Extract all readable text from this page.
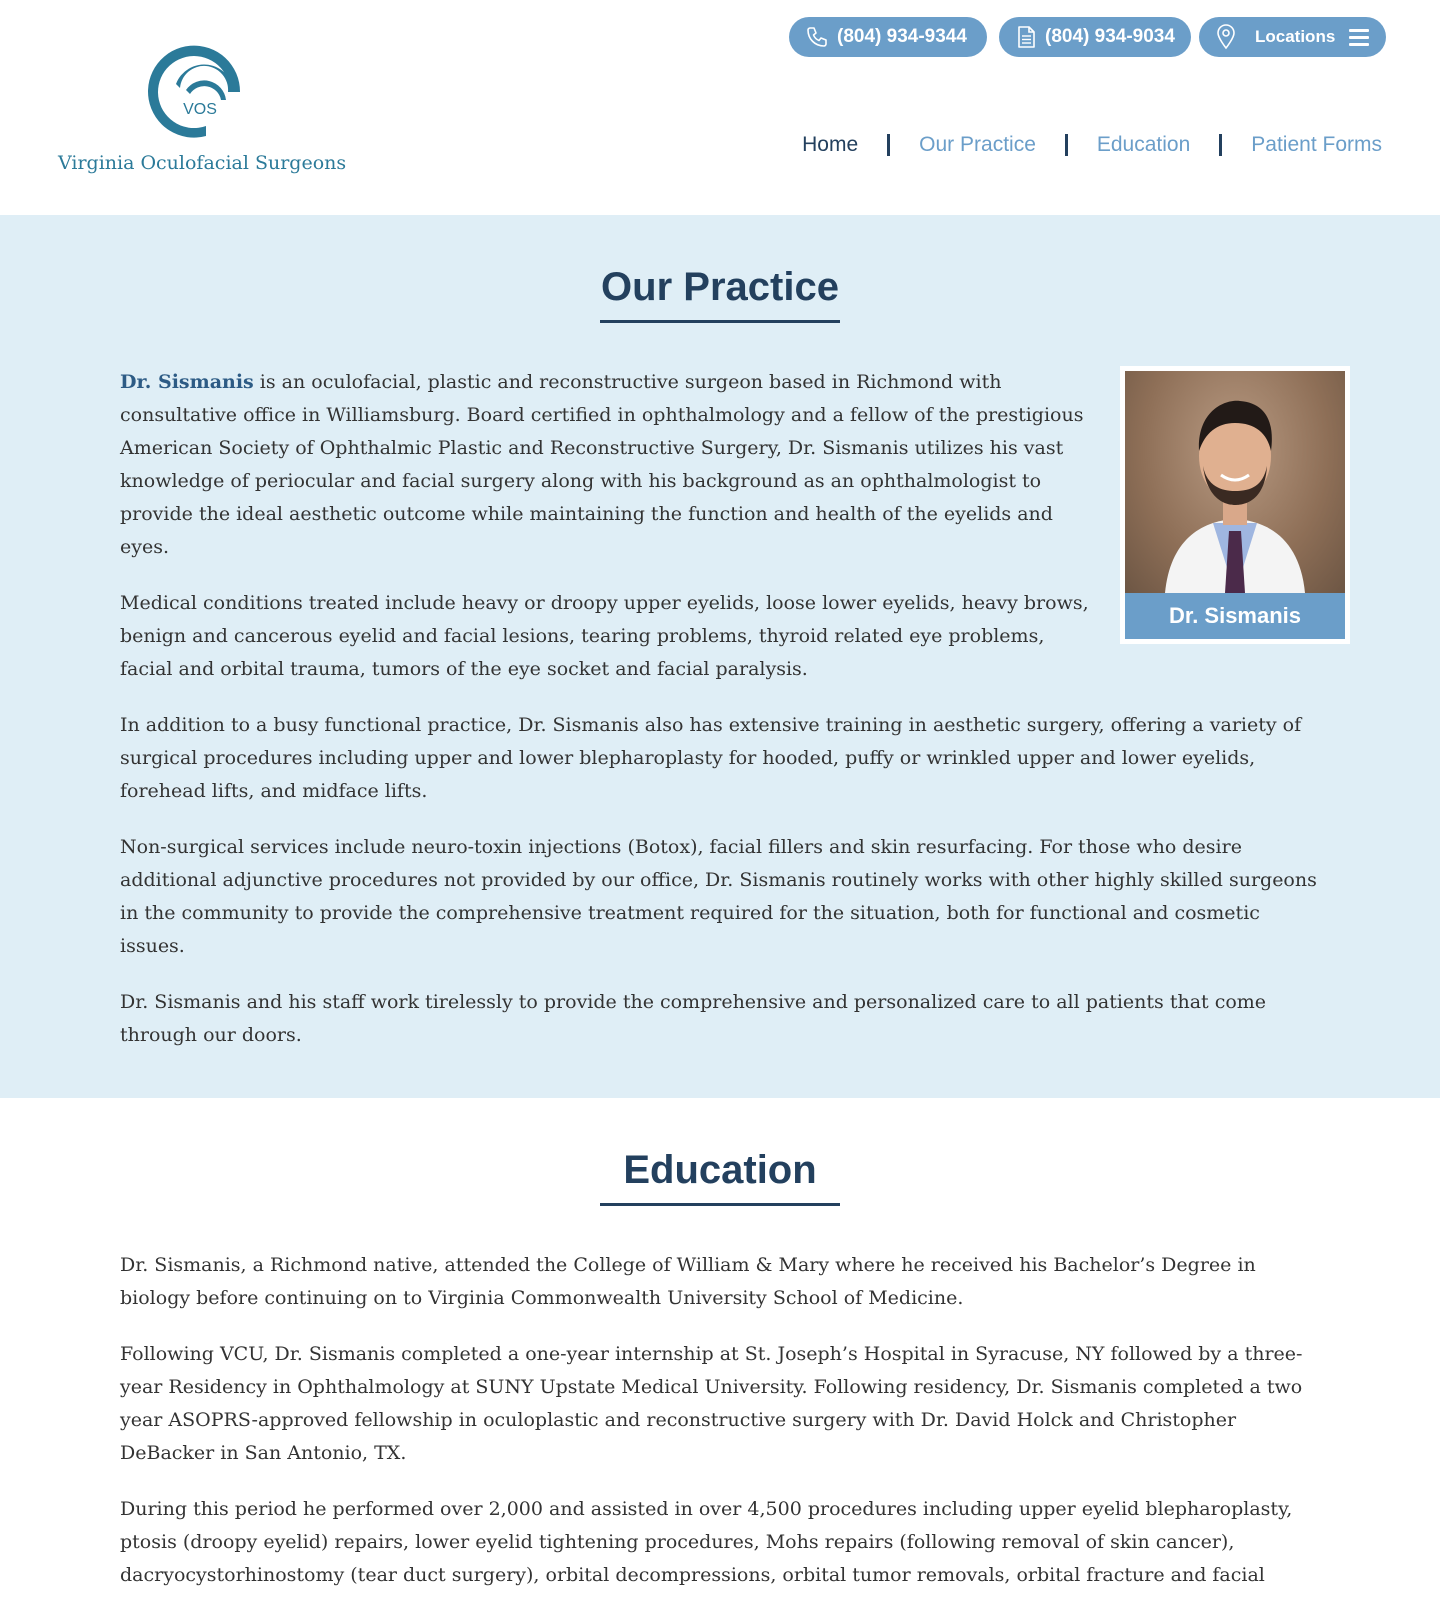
VOS
Virginia Oculofacial Surgeons
(804) 934-9344	(804) 934-9034	Locations
Home	Our Practice	Education	Patient Forms
Our Practice
Dr. Sismanis

Dr. Sismanis is an oculofacial, plastic and reconstructive surgeon based in Richmond with consultative office in Williamsburg. Board certified in ophthalmology and a fellow of the prestigious American Society of Ophthalmic Plastic and Reconstructive Surgery, Dr. Sismanis utilizes his vast knowledge of periocular and facial surgery along with his background as an ophthalmologist to provide the ideal aesthetic outcome while maintaining the function and health of the eyelids and eyes.

Medical conditions treated include heavy or droopy upper eyelids, loose lower eyelids, heavy brows, benign and cancerous eyelid and facial lesions, tearing problems, thyroid related eye problems, facial and orbital trauma, tumors of the eye socket and facial paralysis.

In addition to a busy functional practice, Dr. Sismanis also has extensive training in aesthetic surgery, offering a variety of surgical procedures including upper and lower blepharoplasty for hooded, puffy or wrinkled upper and lower eyelids, forehead lifts, and midface lifts.

Non-surgical services include neuro-toxin injections (Botox), facial fillers and skin resurfacing. For those who desire additional adjunctive procedures not provided by our office, Dr. Sismanis routinely works with other highly skilled surgeons in the community to provide the comprehensive treatment required for the situation, both for functional and cosmetic issues.

Dr. Sismanis and his staff work tirelessly to provide the comprehensive and personalized care to all patients that come through our doors.

Education

Dr. Sismanis, a Richmond native, attended the College of William & Mary where he received his Bachelor’s Degree in biology before continuing on to Virginia Commonwealth University School of Medicine.

Following VCU, Dr. Sismanis completed a one-year internship at St. Joseph’s Hospital in Syracuse, NY followed by a three-year Residency in Ophthalmology at SUNY Upstate Medical University. Following residency, Dr. Sismanis completed a two year ASOPRS-approved fellowship in oculoplastic and reconstructive surgery with Dr. David Holck and Christopher DeBacker in San Antonio, TX.

During this period he performed over 2,000 and assisted in over 4,500 procedures including upper eyelid blepharoplasty, ptosis (droopy eyelid) repairs, lower eyelid tightening procedures, Mohs repairs (following removal of skin cancer), dacryocystorhinostomy (tear duct surgery), orbital decompressions, orbital tumor removals, orbital fracture and facial
